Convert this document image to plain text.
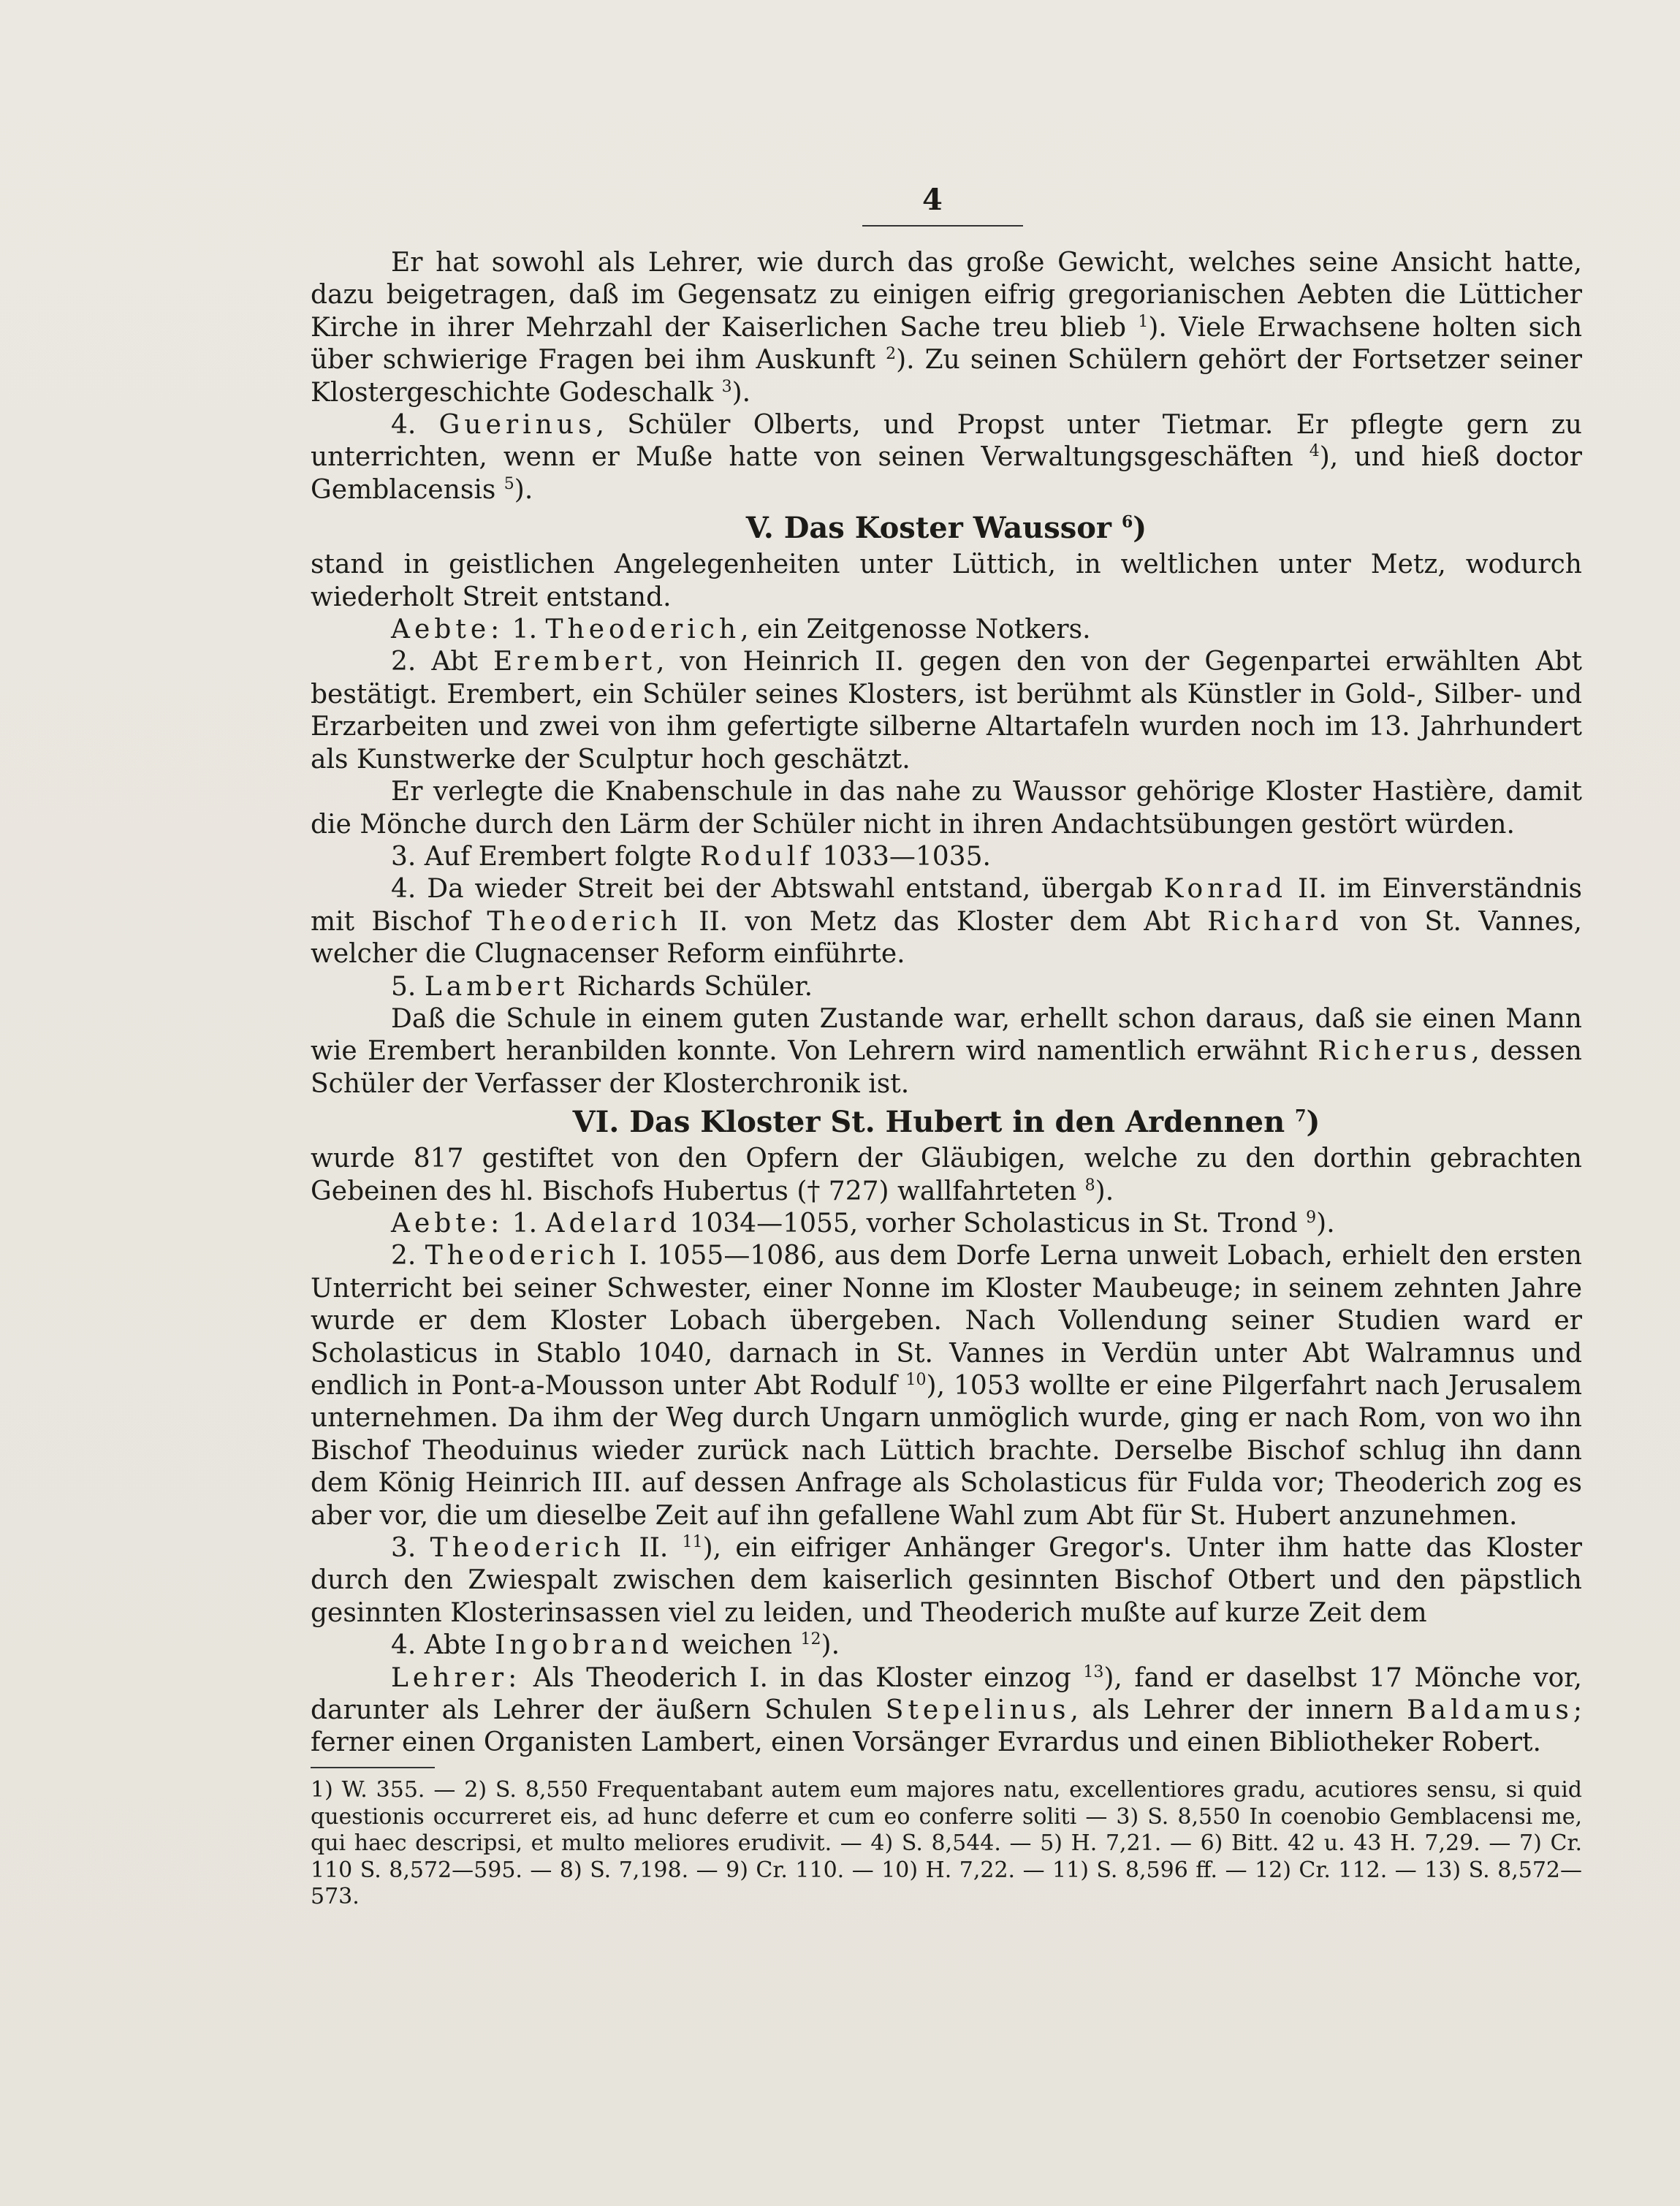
4

Er hat sowohl als Lehrer, wie durch das große Gewicht, welches seine Ansicht hatte, dazu beigetragen, daß im Gegensatz zu einigen eifrig gregorianischen Aebten die Lütticher Kirche in ihrer Mehrzahl der Kaiserlichen Sache treu blieb $^1$). Viele Erwachsene holten sich über schwierige Fragen bei ihm Auskunft $^2$). Zu seinen Schülern gehört der Fortsetzer seiner Klostergeschichte Godeschalk $^3$).

4. Guerinus, Schüler Olberts, und Propst unter Tietmar. Er pflegte gern zu unterrichten, wenn er Muße hatte von seinen Verwaltungsgeschäften $^4$), und hieß doctor Gemblacensis $^5$).

V. Das Koster Waussor $^6$)

stand in geistlichen Angelegenheiten unter Lüttich, in weltlichen unter Metz, wodurch wiederholt Streit entstand.

Aebte: 1. Theoderich, ein Zeitgenosse Notkers.

2. Abt Erembert, von Heinrich II. gegen den von der Gegenpartei erwählten Abt bestätigt. Erembert, ein Schüler seines Klosters, ist berühmt als Künstler in Gold-, Silber- und Erzarbeiten und zwei von ihm gefertigte silberne Altartafeln wurden noch im 13. Jahrhundert als Kunstwerke der Sculptur hoch geschätzt.

Er verlegte die Knabenschule in das nahe zu Waussor gehörige Kloster Hastière, damit die Mönche durch den Lärm der Schüler nicht in ihren Andachtsübungen gestört würden.

3. Auf Erembert folgte Rodulf 1033—1035.

4. Da wieder Streit bei der Abtswahl entstand, übergab Konrad II. im Einverständnis mit Bischof Theoderich II. von Metz das Kloster dem Abt Richard von St. Vannes, welcher die Clugnacenser Reform einführte.

5. Lambert Richards Schüler.

Daß die Schule in einem guten Zustande war, erhellt schon daraus, daß sie einen Mann wie Erembert heranbilden konnte. Von Lehrern wird namentlich erwähnt Richerus, dessen Schüler der Verfasser der Klosterchronik ist.

VI. Das Kloster St. Hubert in den Ardennen $^7$)

wurde 817 gestiftet von den Opfern der Gläubigen, welche zu den dorthin gebrachten Gebeinen des hl. Bischofs Hubertus († 727) wallfahrteten $^8$).

Aebte: 1. Adelard 1034—1055, vorher Scholasticus in St. Trond $^9$).

2. Theoderich I. 1055—1086, aus dem Dorfe Lerna unweit Lobach, erhielt den ersten Unterricht bei seiner Schwester, einer Nonne im Kloster Maubeuge; in seinem zehnten Jahre wurde er dem Kloster Lobach übergeben. Nach Vollendung seiner Studien ward er Scholasticus in Stablo 1040, darnach in St. Vannes in Verdün unter Abt Walramnus und endlich in Pont-a-Mousson unter Abt Rodulf $^{10}$), 1053 wollte er eine Pilgerfahrt nach Jerusalem unternehmen. Da ihm der Weg durch Ungarn unmöglich wurde, ging er nach Rom, von wo ihn Bischof Theoduinus wieder zurück nach Lüttich brachte. Derselbe Bischof schlug ihn dann dem König Heinrich III. auf dessen Anfrage als Scholasticus für Fulda vor; Theoderich zog es aber vor, die um dieselbe Zeit auf ihn gefallene Wahl zum Abt für St. Hubert anzunehmen.

3. Theoderich II. $^{11}$), ein eifriger Anhänger Gregor's. Unter ihm hatte das Kloster durch den Zwiespalt zwischen dem kaiserlich gesinnten Bischof Otbert und den päpstlich gesinnten Klosterinsassen viel zu leiden, und Theoderich mußte auf kurze Zeit dem

4. Abte Ingobrand weichen $^{12}$).

Lehrer: Als Theoderich I. in das Kloster einzog $^{13}$), fand er daselbst 17 Mönche vor, darunter als Lehrer der äußern Schulen Stepelinus, als Lehrer der innern Baldamus; ferner einen Organisten Lambert, einen Vorsänger Evrardus und einen Bibliotheker Robert.

1) W. 355. — 2) S. 8,550 Frequentabant autem eum majores natu, excellentiores gradu, acutiores sensu, si quid questionis occurreret eis, ad hunc deferre et cum eo conferre soliti — 3) S. 8,550 In coenobio Gemblacensi me, qui haec descripsi, et multo meliores erudivit. — 4) S. 8,544. — 5) H. 7,21. — 6) Bitt. 42 u. 43 H. 7,29. — 7) Cr. 110 S. 8,572—595. — 8) S. 7,198. — 9) Cr. 110. — 10) H. 7,22. — 11) S. 8,596 ff. — 12) Cr. 112. — 13) S. 8,572—573.
